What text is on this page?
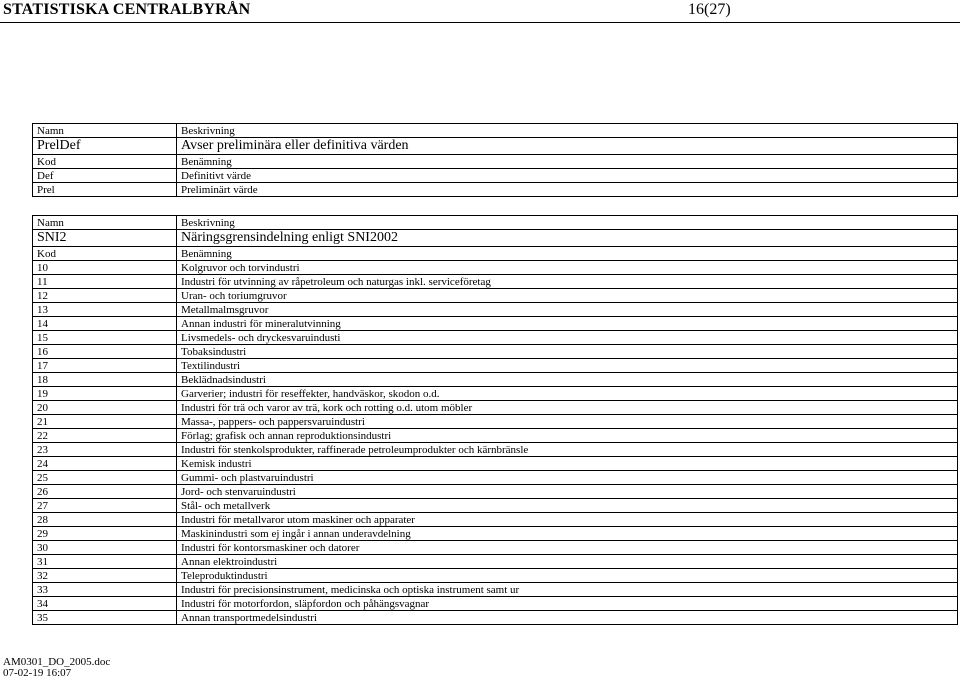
STATISTISKA CENTRALBYRÅN	16(27)
Namn	Beskrivning
PrelDef	Avser preliminära eller definitiva värden
Kod	Benämning
Def	Definitivt värde
Prel	Preliminärt värde
Namn	Beskrivning
SNI2	Näringsgrensindelning enligt SNI2002
Kod	Benämning
10	Kolgruvor och torvindustri
11	Industri för utvinning av råpetroleum och naturgas inkl. serviceföretag
12	Uran- och toriumgruvor
13	Metallmalmsgruvor
14	Annan industri för mineralutvinning
15	Livsmedels- och dryckesvaruindusti
16	Tobaksindustri
17	Textilindustri
18	Beklädnadsindustri
19	Garverier; industri för reseffekter, handväskor, skodon o.d.
20	Industri för trä och varor av trä, kork och rotting o.d. utom möbler
21	Massa-, pappers- och pappersvaruindustri
22	Förlag; grafisk och annan reproduktionsindustri
23	Industri för stenkolsprodukter, raffinerade petroleumprodukter och kärnbränsle
24	Kemisk industri
25	Gummi- och plastvaruindustri
26	Jord- och stenvaruindustri
27	Stål- och metallverk
28	Industri för metallvaror utom maskiner och apparater
29	Maskinindustri som ej ingår i annan underavdelning
30	Industri för kontorsmaskiner och datorer
31	Annan elektroindustri
32	Teleproduktindustri
33	Industri för precisionsinstrument, medicinska och optiska instrument samt ur
34	Industri för motorfordon, släpfordon och påhängsvagnar
35	Annan transportmedelsindustri
AM0301_DO_2005.doc
07-02-19 16:07
